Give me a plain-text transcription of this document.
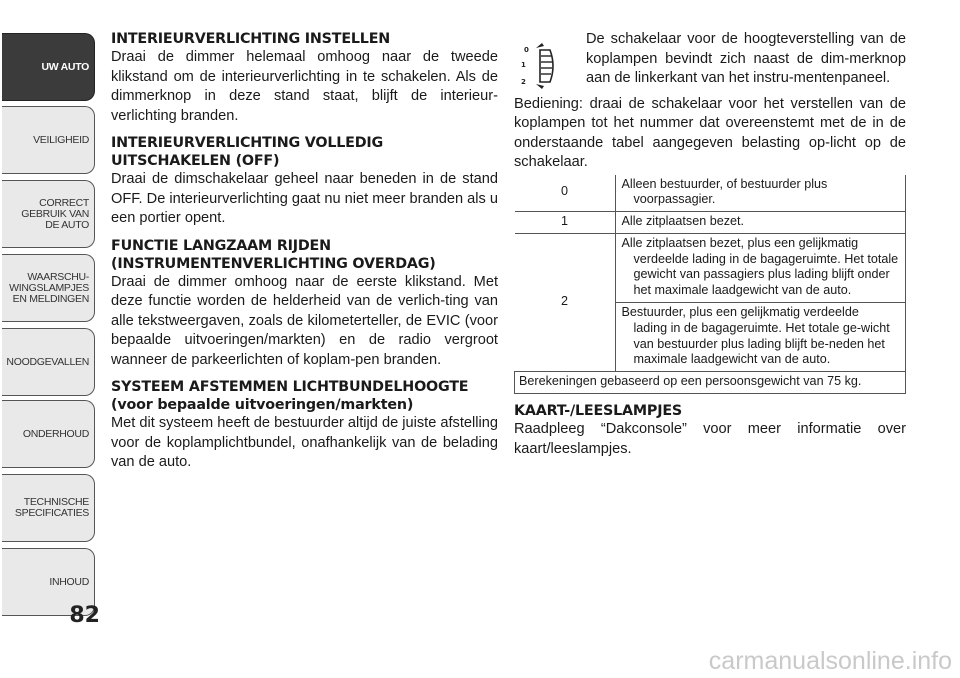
UW AUTO
VEILIGHEID
CORRECT
GEBRUIK VAN
DE AUTO
WAARSCHU-
WINGSLAMPJES
EN MELDINGEN
NOODGEVALLEN
ONDERHOUD
TECHNISCHE
SPECIFICATIES
INHOUD
82
INTERIEURVERLICHTING INSTELLEN

Draai de dimmer helemaal omhoog naar de tweede klikstand om de interieurverlichting in te schakelen. Als de dimmerknop in deze stand staat, blijft de interieur-verlichting branden.

INTERIEURVERLICHTING VOLLEDIG UITSCHAKELEN (OFF)

Draai de dimschakelaar geheel naar beneden in de stand OFF. De interieurverlichting gaat nu niet meer branden als u een portier opent.

FUNCTIE LANGZAAM RIJDEN (INSTRUMENTENVERLICHTING OVERDAG)

Draai de dimmer omhoog naar de eerste klikstand. Met deze functie worden de helderheid van de verlich-ting van alle tekstweergaven, zoals de kilometerteller, de EVIC (voor bepaalde uitvoeringen/markten) en de radio vergroot wanneer de parkeerlichten of koplam-pen branden.

SYSTEEM AFSTEMMEN LICHTBUNDELHOOGTE (voor bepaalde uitvoeringen/markten)

Met dit systeem heeft de bestuurder altijd de juiste afstelling voor de koplamplichtbundel, onafhankelijk van de belading van de auto.

0
1
2

De schakelaar voor de hoogteverstelling van de koplampen bevindt zich naast de dim-merknop aan de linkerkant van het instru-mentenpaneel.

Bediening: draai de schakelaar voor het verstellen van de koplampen tot het nummer dat overeenstemt met de in de onderstaande tabel aangegeven belasting op-licht op de schakelaar.

0	Alleen bestuurder, of bestuurder plus
voorpassagier.

1	Alle zitplaatsen bezet.
2	Alle zitplaatsen bezet, plus een gelijkmatig
verdeelde lading in de bagageruimte. Het totale gewicht van passagiers plus lading blijft onder het maximale laadgewicht van de auto.

	Bestuurder, plus een gelijkmatig verdeelde
lading in de bagageruimte. Het totale ge-wicht van bestuurder plus lading blijft be-neden het maximale laadgewicht van de auto.

Berekeningen gebaseerd op een persoonsgewicht van 75 kg.	
KAART-/LEESLAMPJES

Raadpleeg “Dakconsole” voor meer informatie over kaart/leeslampjes.

carmanualsonline.info
